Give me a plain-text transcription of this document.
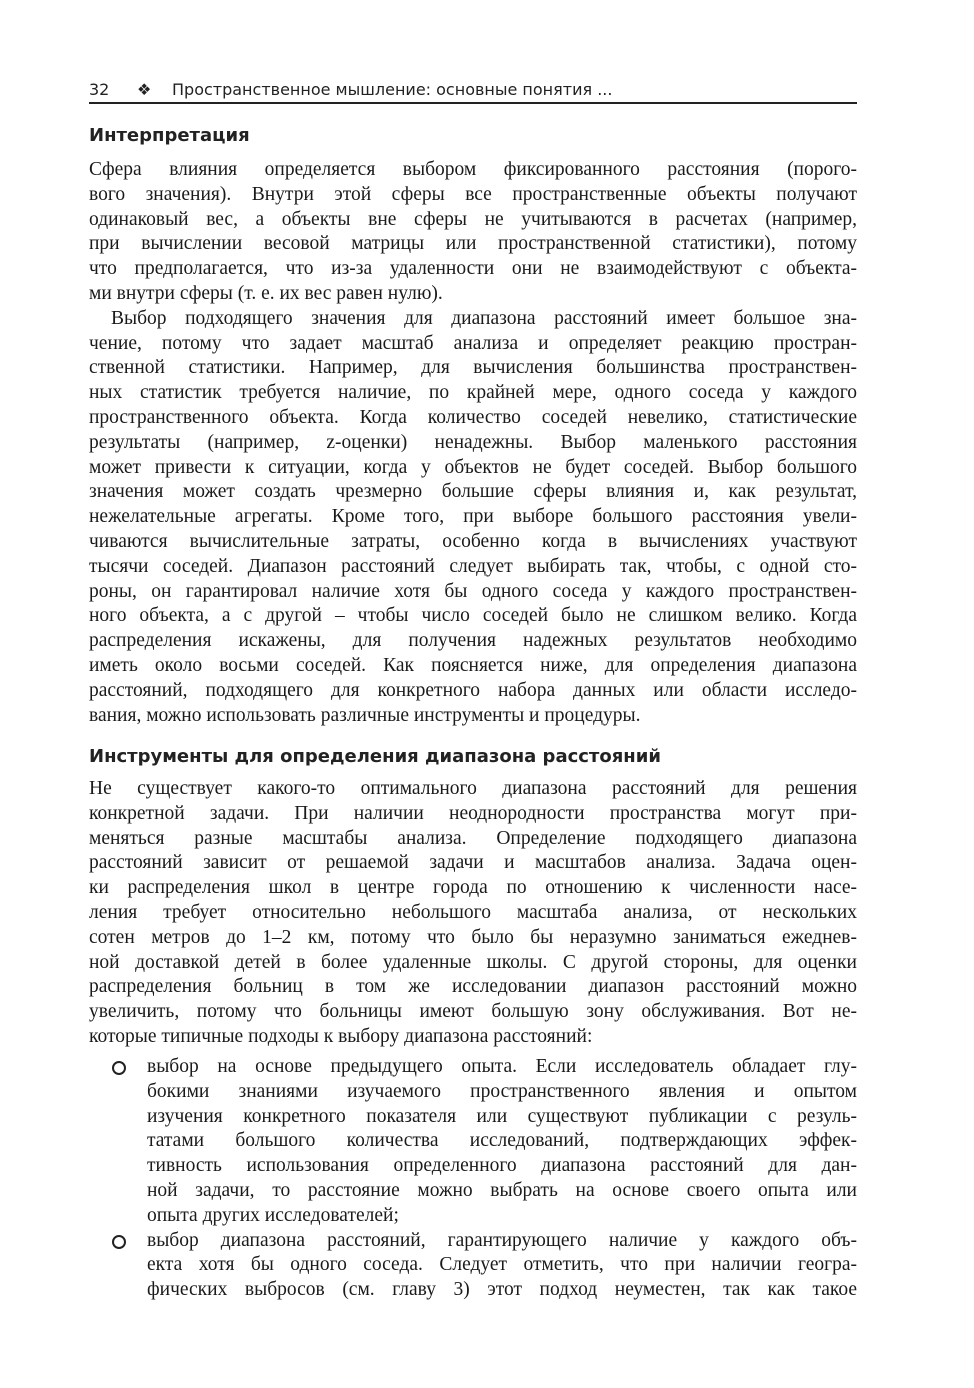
32 ❖ Пространственное мышление: основные понятия ...
Интерпретация
Сфера влияния определяется выбором фиксированного расстояния (порого-
вого значения). Внутри этой сферы все пространственные объекты получают
одинаковый вес, а объекты вне сферы не учитываются в расчетах (например,
при вычислении весовой матрицы или пространственной статистики), потому
что предполагается, что из-за удаленности они не взаимодействуют с объекта-
ми внутри сферы (т. е. их вес равен нулю).
Выбор подходящего значения для диапазона расстояний имеет большое зна-
чение, потому что задает масштаб анализа и определяет реакцию простран-
ственной статистики. Например, для вычисления большинства пространствен-
ных статистик требуется наличие, по крайней мере, одного соседа у каждого
пространственного объекта. Когда количество соседей невелико, статистические
результаты (например, z-оценки) ненадежны. Выбор маленького расстояния
может привести к ситуации, когда у объектов не будет соседей. Выбор большого
значения может создать чрезмерно большие сферы влияния и, как результат,
нежелательные агрегаты. Кроме того, при выборе большого расстояния увели-
чиваются вычислительные затраты, особенно когда в вычислениях участвуют
тысячи соседей. Диапазон расстояний следует выбирать так, чтобы, с одной сто-
роны, он гарантировал наличие хотя бы одного соседа у каждого пространствен-
ного объекта, а с другой – чтобы число соседей было не слишком велико. Когда
распределения искажены, для получения надежных результатов необходимо
иметь около восьми соседей. Как поясняется ниже, для определения диапазона
расстояний, подходящего для конкретного набора данных или области исследо-
вания, можно использовать различные инструменты и процедуры.
Инструменты для определения диапазона расстояний
Не существует какого-то оптимального диапазона расстояний для решения
конкретной задачи. При наличии неоднородности пространства могут при-
меняться разные масштабы анализа. Определение подходящего диапазона
расстояний зависит от решаемой задачи и масштабов анализа. Задача оцен-
ки распределения школ в центре города по отношению к численности насе-
ления требует относительно небольшого масштаба анализа, от нескольких
сотен метров до 1–2 км, потому что было бы неразумно заниматься ежеднев-
ной доставкой детей в более удаленные школы. С другой стороны, для оценки
распределения больниц в том же исследовании диапазон расстояний можно
увеличить, потому что больницы имеют большую зону обслуживания. Вот не-
которые типичные подходы к выбору диапазона расстояний:
выбор на основе предыдущего опыта. Если исследователь обладает глу-
бокими знаниями изучаемого пространственного явления и опытом
изучения конкретного показателя или существуют публикации с резуль-
татами большого количества исследований, подтверждающих эффек-
тивность использования определенного диапазона расстояний для дан-
ной задачи, то расстояние можно выбрать на основе своего опыта или
опыта других исследователей;
выбор диапазона расстояний, гарантирующего наличие у каждого объ-
екта хотя бы одного соседа. Следует отметить, что при наличии геогра-
фических выбросов (см. главу 3) этот подход неуместен, так как такое
